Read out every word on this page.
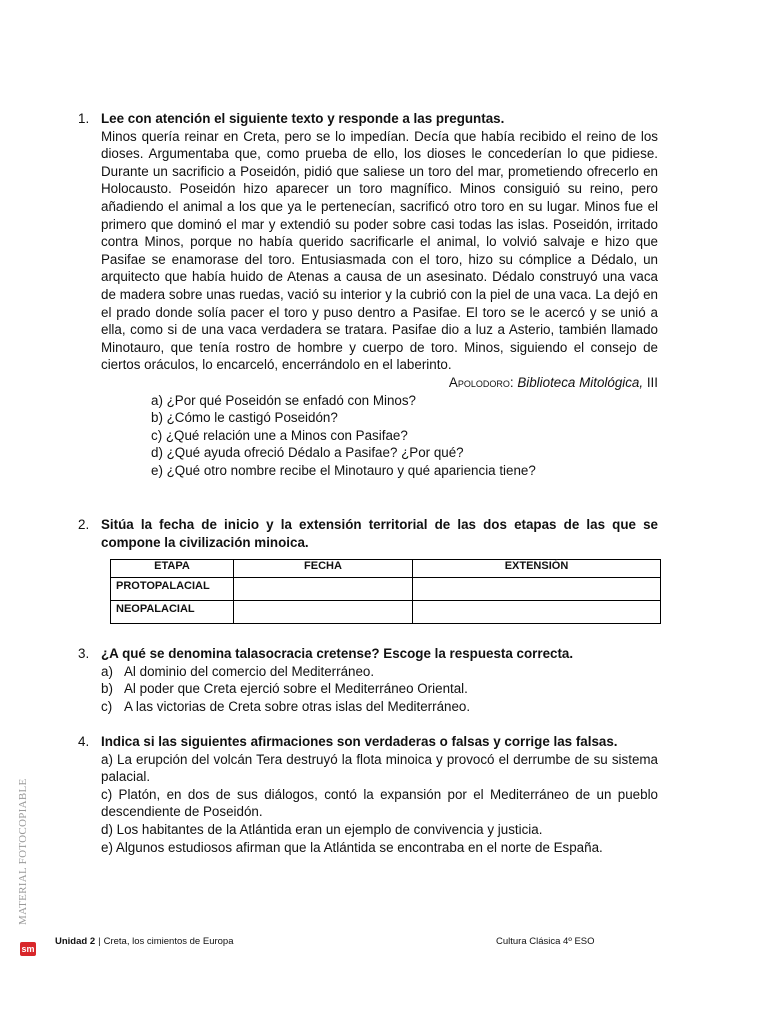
1. Lee con atención el siguiente texto y responde a las preguntas.
Minos quería reinar en Creta, pero se lo impedían. Decía que había recibido el reino de los dioses. Argumentaba que, como prueba de ello, los dioses le concederían lo que pidiese. Durante un sacrificio a Poseidón, pidió que saliese un toro del mar, prometiendo ofrecerlo en Holocausto. Poseidón hizo aparecer un toro magnífico. Minos consiguió su reino, pero añadiendo el animal a los que ya le pertenecían, sacrificó otro toro en su lugar. Minos fue el primero que dominó el mar y extendió su poder sobre casi todas las islas. Poseidón, irritado contra Minos, porque no había querido sacrificarle el animal, lo volvió salvaje e hizo que Pasifae se enamorase del toro. Entusiasmada con el toro, hizo su cómplice a Dédalo, un arquitecto que había huido de Atenas a causa de un asesinato. Dédalo construyó una vaca de madera sobre unas ruedas, vació su interior y la cubrió con la piel de una vaca. La dejó en el prado donde solía pacer el toro y puso dentro a Pasifae. El toro se le acercó y se unió a ella, como si de una vaca verdadera se tratara. Pasifae dio a luz a Asterio, también llamado Minotauro, que tenía rostro de hombre y cuerpo de toro. Minos, siguiendo el consejo de ciertos oráculos, lo encarceló, encerrándolo en el laberinto.
Apolodoro: Biblioteca Mitológica, III
a) ¿Por qué Poseidón se enfadó con Minos?
b) ¿Cómo le castigó Poseidón?
c) ¿Qué relación une a Minos con Pasifae?
d) ¿Qué ayuda ofreció Dédalo a Pasifae? ¿Por qué?
e) ¿Qué otro nombre recibe el Minotauro y qué apariencia tiene?
2. Sitúa la fecha de inicio y la extensión territorial de las dos etapas de las que se compone la civilización minoica.
ETAPA	FECHA	EXTENSIÓN
PROTOPALACIAL		
NEOPALACIAL		
3. ¿A qué se denomina talasocracia cretense? Escoge la respuesta correcta.
a) Al dominio del comercio del Mediterráneo.
b) Al poder que Creta ejerció sobre el Mediterráneo Oriental.
c) A las victorias de Creta sobre otras islas del Mediterráneo.
4. Indica si las siguientes afirmaciones son verdaderas o falsas y corrige las falsas.
a) La erupción del volcán Tera destruyó la flota minoica y provocó el derrumbe de su sistema palacial.
c) Platón, en dos de sus diálogos, contó la expansión por el Mediterráneo de un pueblo descendiente de Poseidón.
d) Los habitantes de la Atlántida eran un ejemplo de convivencia y justicia.
e) Algunos estudiosos afirman que la Atlántida se encontraba en el norte de España.
MATERIAL FOTOCOPIABLE
sm
Unidad 2 | Creta, los cimientos de Europa	Cultura Clásica 4º ESO
